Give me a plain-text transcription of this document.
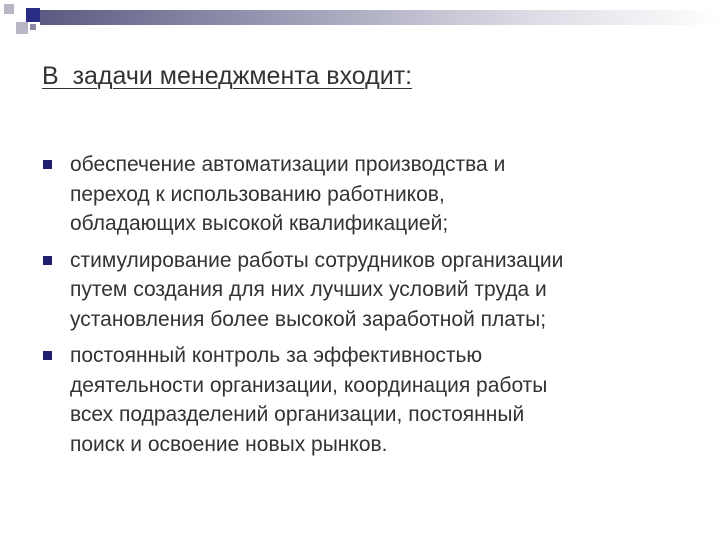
В  задачи менеджмента входит:
обеспечение автоматизации производства и
переход к использованию работников,
обладающих высокой квалификацией;
стимулирование работы сотрудников организации
путем создания для них лучших условий труда и
установления более высокой заработной платы;
постоянный контроль за эффективностью
деятельности организации, координация работы
всех подразделений организации, постоянный
поиск и освоение новых рынков.
